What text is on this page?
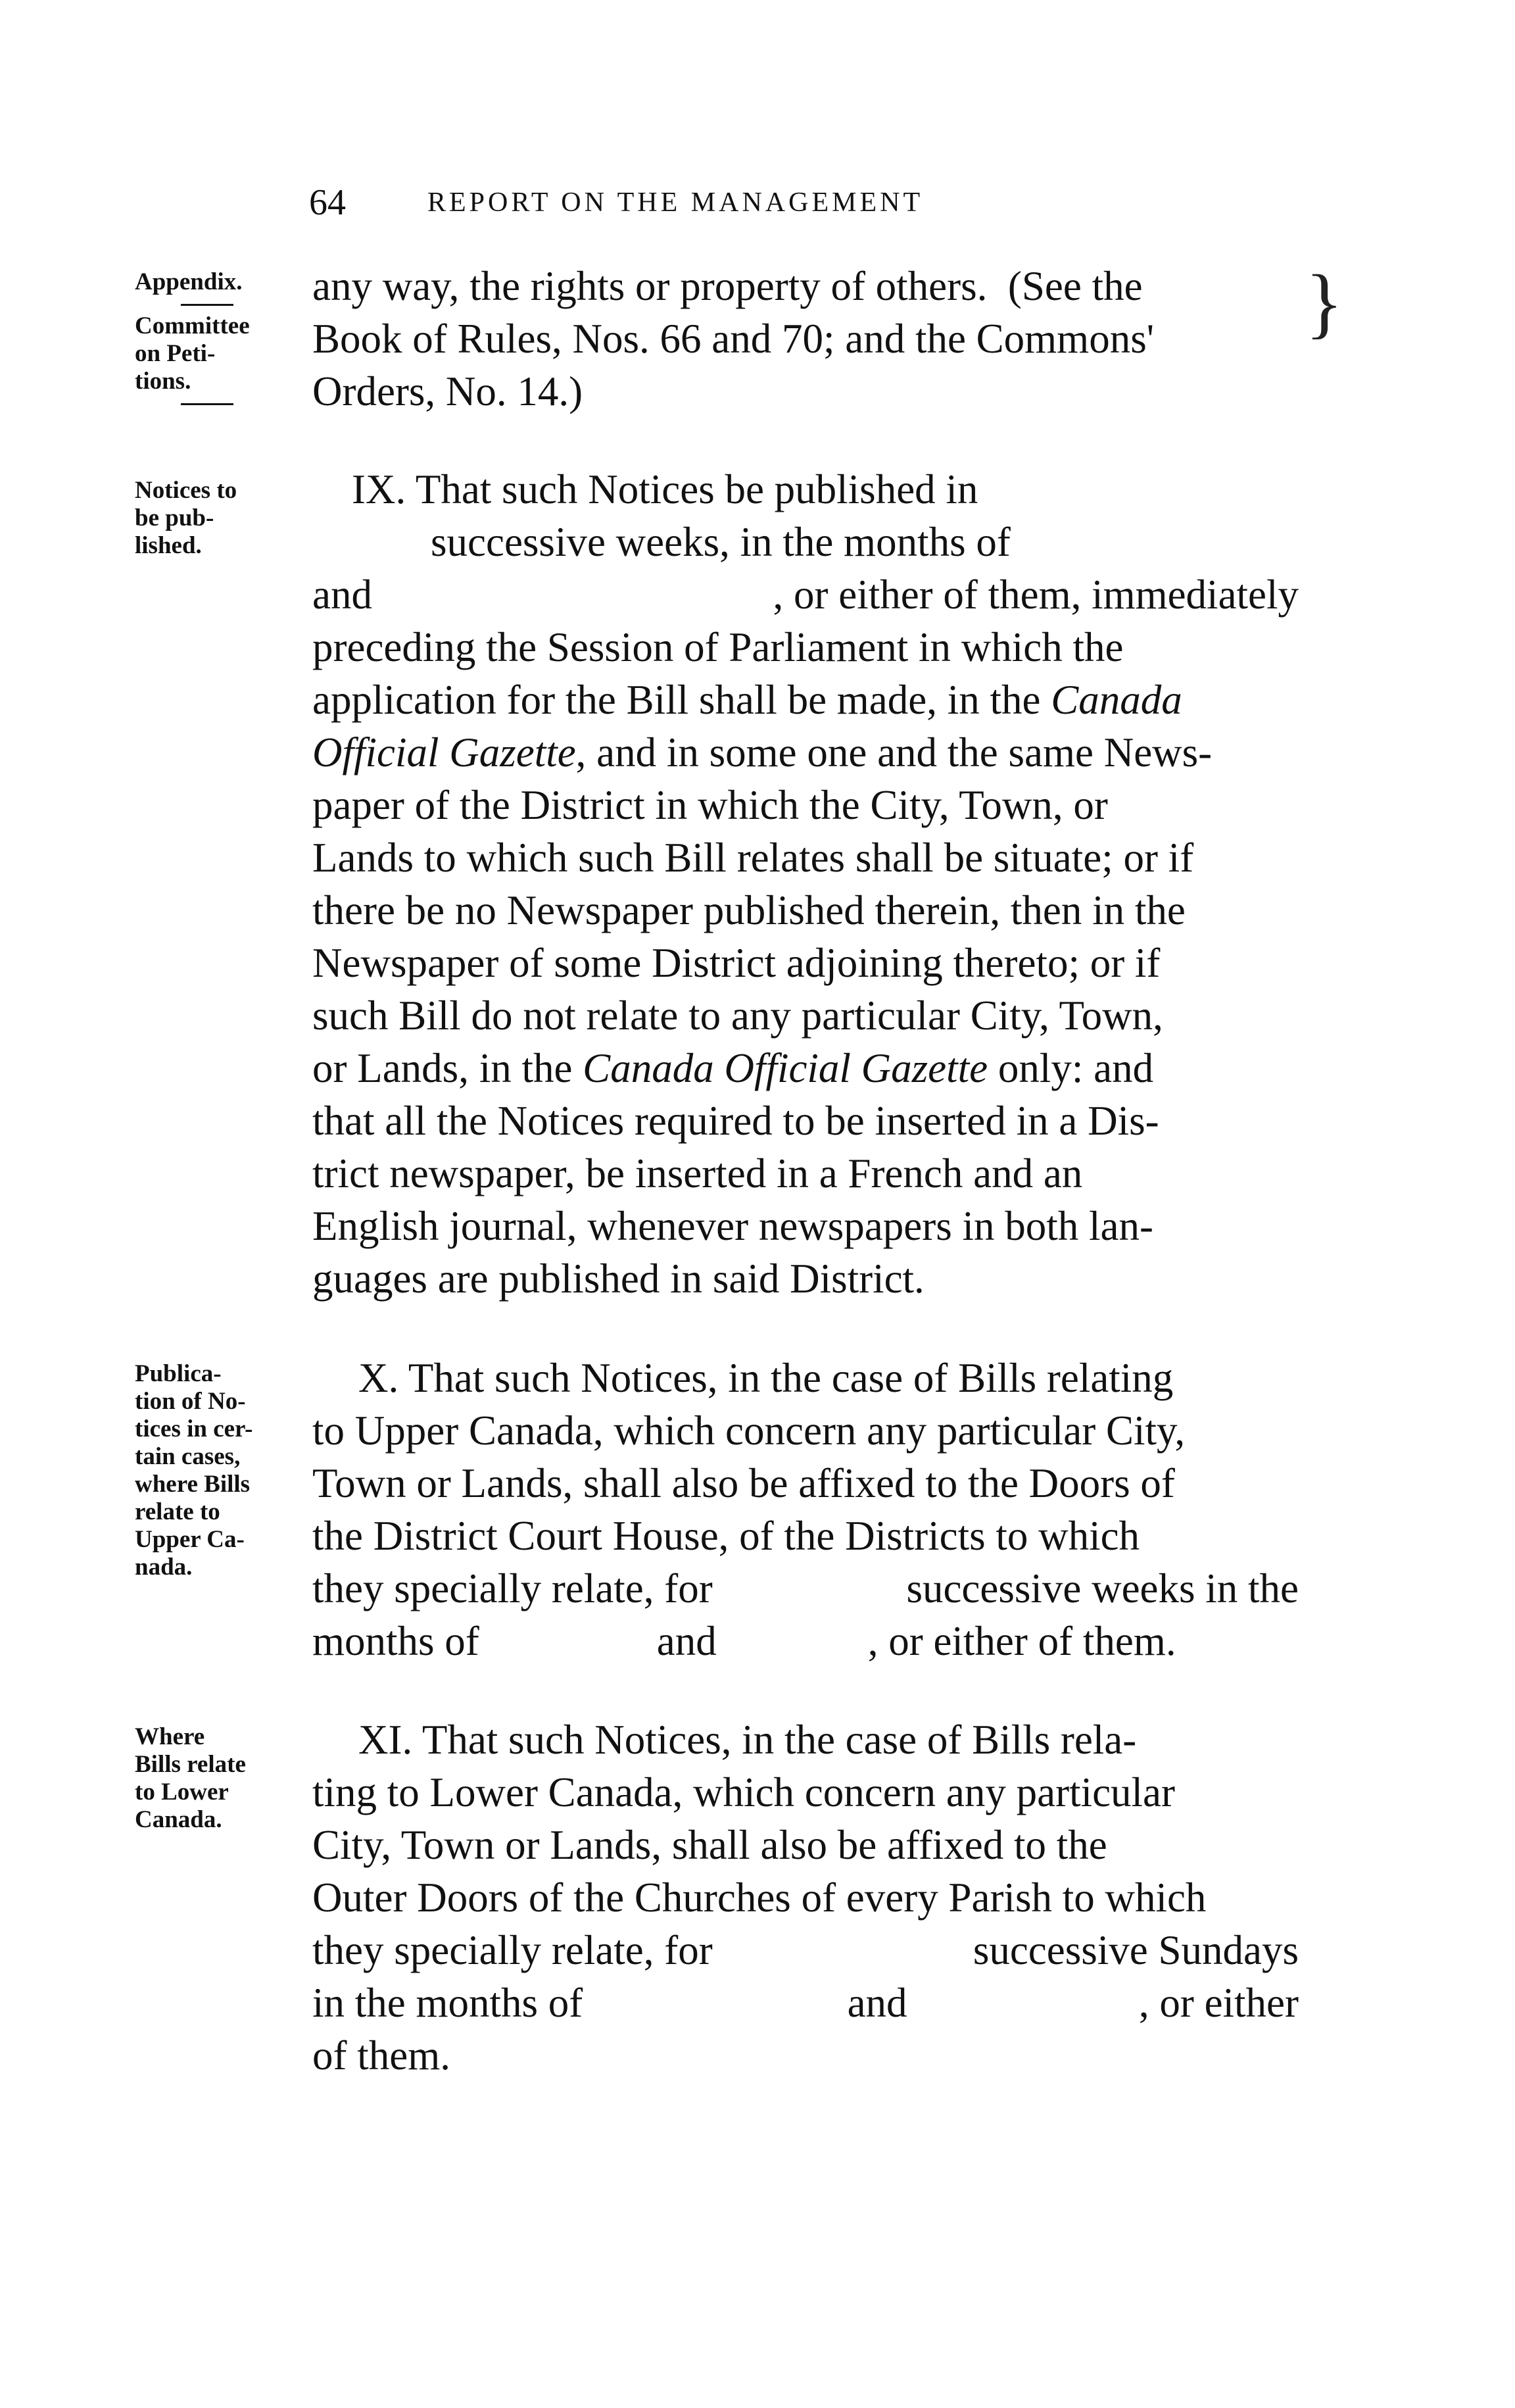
64	REPORT ON THE MANAGEMENT
Appendix.
Committee
on Peti-
tions.
Notices to
be pub-
lished.
Publica-
tion of No-
tices in cer-
tain cases,
where Bills
relate to
Upper Ca-
nada.
Where
Bills relate
to Lower
Canada.
any way, the rights or property of others.  (See the
Book of Rules, Nos. 66 and 70; and the Commons'
Orders, No. 14.)
IX. That such Notices be published in
successive weeks, in the months of
and	, or either of them, immediately
preceding the Session of Parliament in which the
application for the Bill shall be made, in the Canada
Official Gazette, and in some one and the same News-
paper of the District in which the City, Town, or
Lands to which such Bill relates shall be situate; or if
there be no Newspaper published therein, then in the
Newspaper of some District adjoining thereto; or if
such Bill do not relate to any particular City, Town,
or Lands, in the Canada Official Gazette only: and
that all the Notices required to be inserted in a Dis-
trict newspaper, be inserted in a French and an
English journal, whenever newspapers in both lan-
guages are published in said District.
X. That such Notices, in the case of Bills relating
to Upper Canada, which concern any particular City,
Town or Lands, shall also be affixed to the Doors of
the District Court House, of the Districts to which
they specially relate, for	successive weeks in the
months of	and	, or either of them.
XI. That such Notices, in the case of Bills rela-
ting to Lower Canada, which concern any particular
City, Town or Lands, shall also be affixed to the
Outer Doors of the Churches of every Parish to which
they specially relate, for	successive Sundays
in the months of	and	, or either
of them.
}
